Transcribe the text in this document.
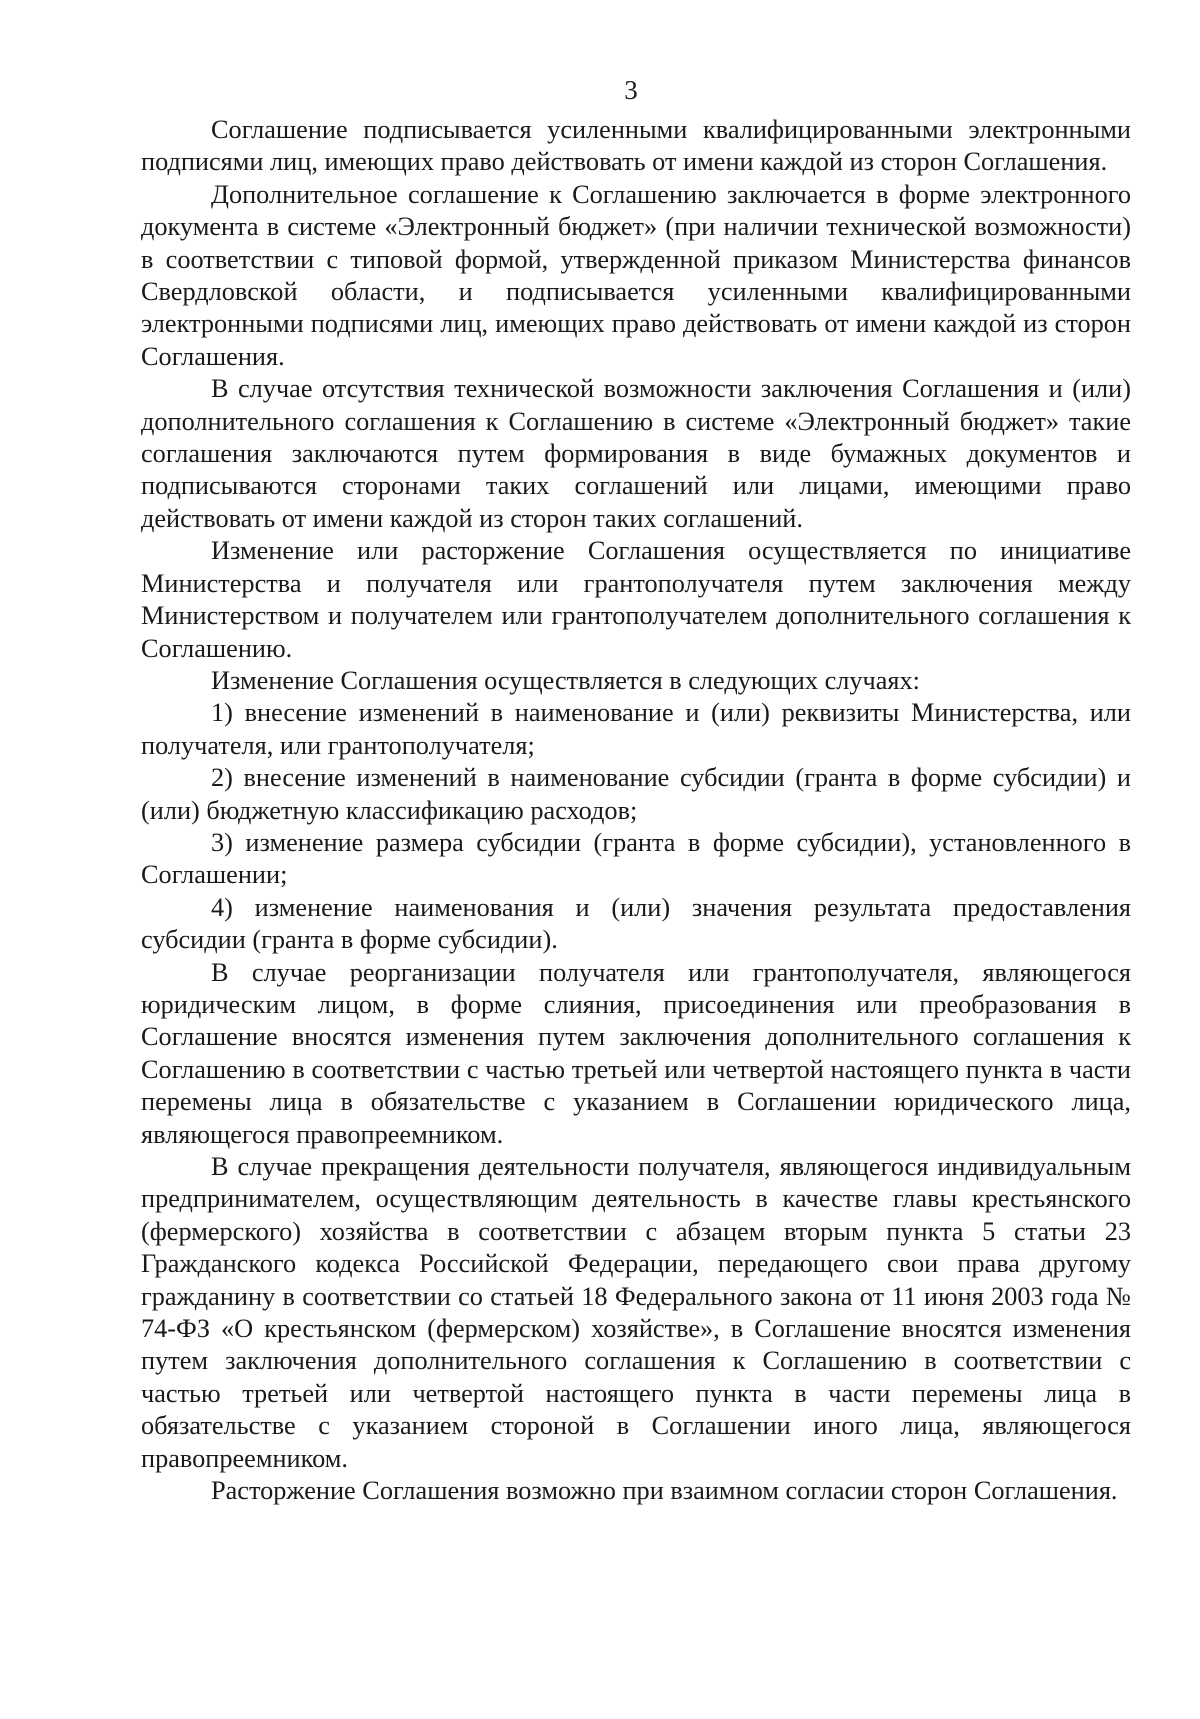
3

Соглашение подписывается усиленными квалифицированными электронными подписями лиц, имеющих право действовать от имени каждой из сторон Соглашения.

Дополнительное соглашение к Соглашению заключается в форме электронного документа в системе «Электронный бюджет» (при наличии технической возможности) в соответствии с типовой формой, утвержденной приказом Министерства финансов Свердловской области, и подписывается усиленными квалифицированными электронными подписями лиц, имеющих право действовать от имени каждой из сторон Соглашения.

В случае отсутствия технической возможности заключения Соглашения и (или) дополнительного соглашения к Соглашению в системе «Электронный бюджет» такие соглашения заключаются путем формирования в виде бумажных документов и подписываются сторонами таких соглашений или лицами, имеющими право действовать от имени каждой из сторон таких соглашений.

Изменение или расторжение Соглашения осуществляется по инициативе Министерства и получателя или грантополучателя путем заключения между Министерством и получателем или грантополучателем дополнительного соглашения к Соглашению.

Изменение Соглашения осуществляется в следующих случаях:

1) внесение изменений в наименование и (или) реквизиты Министерства, или получателя, или грантополучателя;

2) внесение изменений в наименование субсидии (гранта в форме субсидии) и (или) бюджетную классификацию расходов;

3) изменение размера субсидии (гранта в форме субсидии), установленного в Соглашении;

4) изменение наименования и (или) значения результата предоставления субсидии (гранта в форме субсидии).

В случае реорганизации получателя или грантополучателя, являющегося юридическим лицом, в форме слияния, присоединения или преобразования в Соглашение вносятся изменения путем заключения дополнительного соглашения к Соглашению в соответствии с частью третьей или четвертой настоящего пункта в части перемены лица в обязательстве с указанием в Соглашении юридического лица, являющегося правопреемником.

В случае прекращения деятельности получателя, являющегося индивидуальным предпринимателем, осуществляющим деятельность в качестве главы крестьянского (фермерского) хозяйства в соответствии с абзацем вторым пункта 5 статьи 23 Гражданского кодекса Российской Федерации, передающего свои права другому гражданину в соответствии со статьей 18 Федерального закона от 11 июня 2003 года № 74-ФЗ «О крестьянском (фермерском) хозяйстве», в Соглашение вносятся изменения путем заключения дополнительного соглашения к Соглашению в соответствии с частью третьей или четвертой настоящего пункта в части перемены лица в обязательстве с указанием стороной в Соглашении иного лица, являющегося правопреемником.

Расторжение Соглашения возможно при взаимном согласии сторон Соглашения.
